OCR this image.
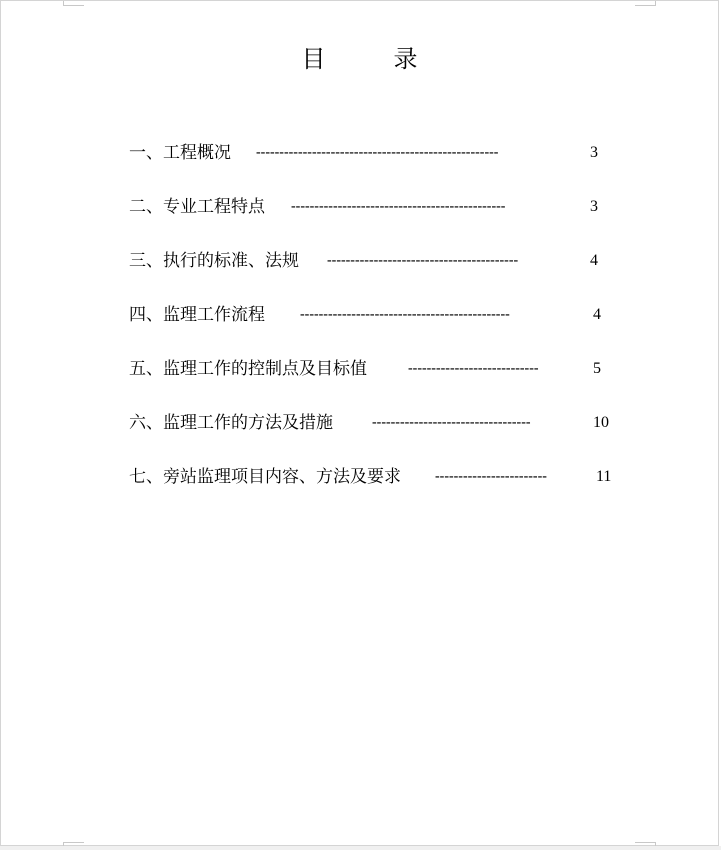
目	录
一、工程概况 ----------------------------------------------------	3
二、专业工程特点 ----------------------------------------------	3
三、执行的标准、法规 -----------------------------------------	4
四、监理工作流程	---------------------------------------------	4
五、监理工作的控制点及目标值	----------------------------	5
六、监理工作的方法及措施	----------------------------------	10
七、旁站监理项目内容、方法及要求 ------------------------	11
